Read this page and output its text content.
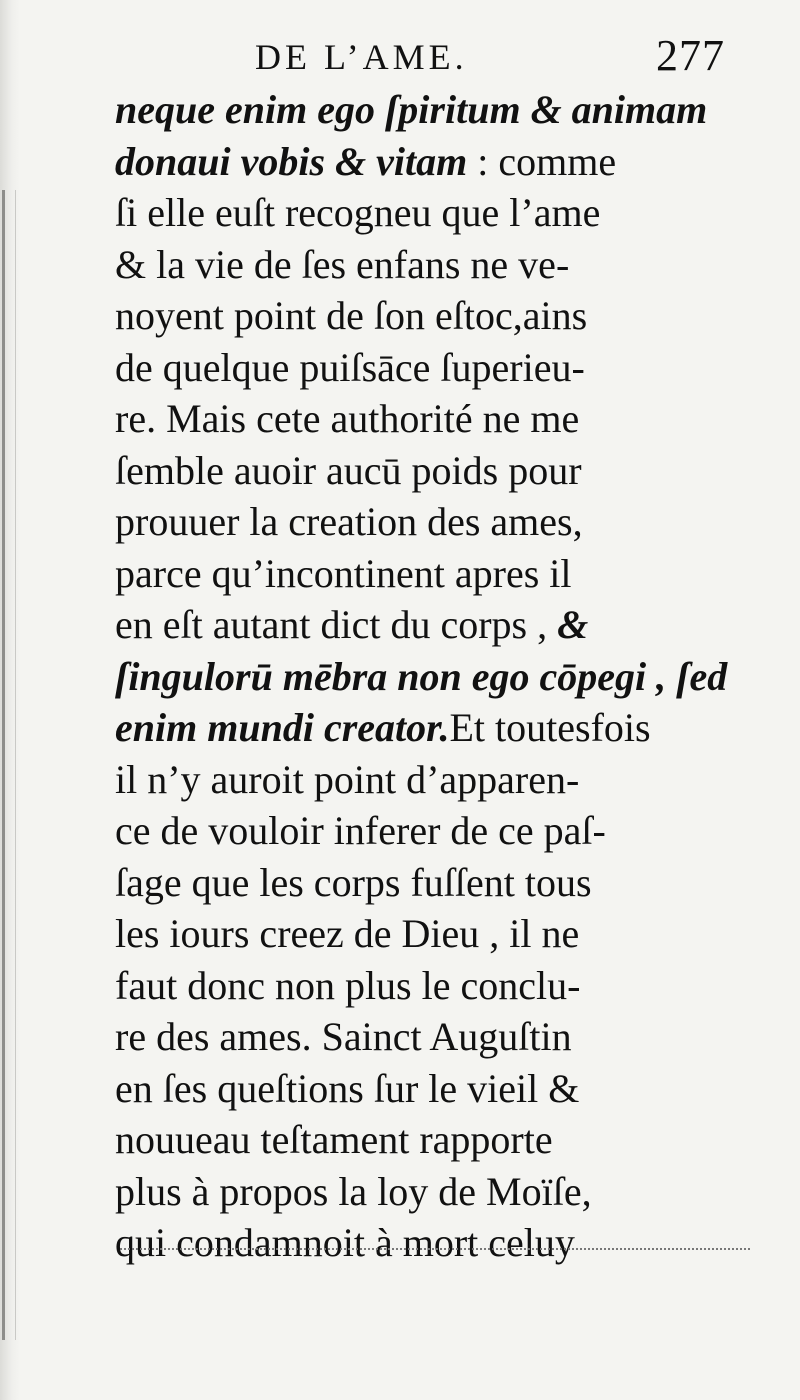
DE L’AME.	277
neque enim ego ſpiritum & animam
donaui vobis & vitam : comme
ſi elle euſt recogneu que l’ame
& la vie de ſes enfans ne ve-
noyent point de ſon eſtoc,ains
de quelque puiſsāce ſuperieu-
re. Mais cete authorité ne me
ſemble auoir aucū poids pour
prouuer la creation des ames,
parce qu’incontinent apres il
en eſt autant dict du corps , &
ſingulorū mēbra non ego cōpegi , ſed
enim mundi creator.Et toutesfois
il n’y auroit point d’apparen-
ce de vouloir inferer de ce paſ-
ſage que les corps fuſſent tous
les iours creez de Dieu , il ne
faut donc non plus le conclu-
re des ames. Sainct Auguſtin
en ſes queſtions ſur le vieil &
nouueau teſtament rapporte
plus à propos la loy de Moïſe,
qui condamnoit à mort celuy
